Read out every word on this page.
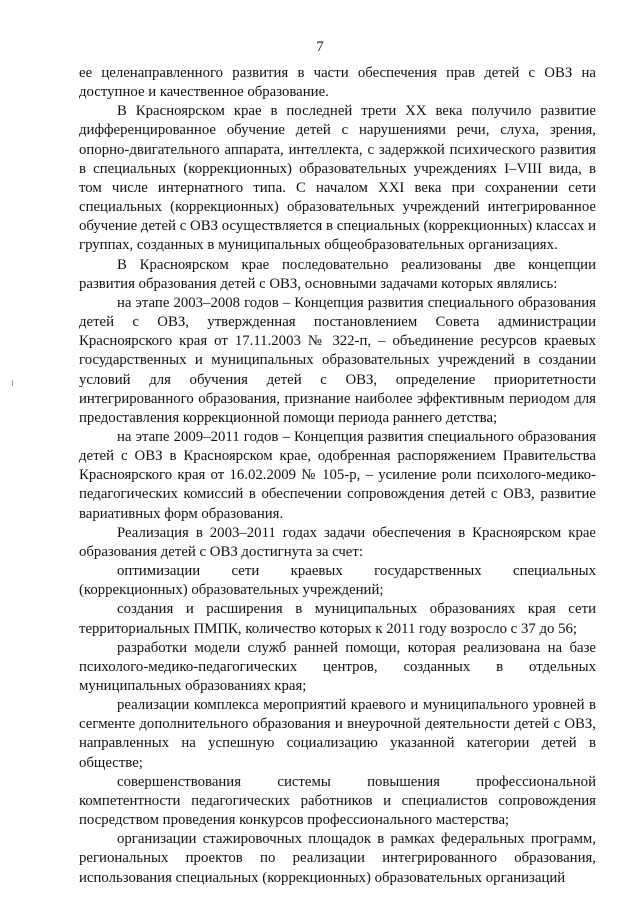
7

ее целенаправленного развития в части обеспечения прав детей с ОВЗ на доступное и качественное образование.

В Красноярском крае в последней трети XX века получило развитие дифференцированное обучение детей с нарушениями речи, слуха, зрения, опорно-двигательного аппарата, интеллекта, с задержкой психического развития в специальных (коррекционных) образовательных учреждениях I–VIII вида, в том числе интернатного типа. С началом XXI века при сохранении сети специальных (коррекционных) образовательных учреждений интегрированное обучение детей с ОВЗ осуществляется в специальных (коррекционных) классах и группах, созданных в муниципальных общеобразовательных организациях.

В Красноярском крае последовательно реализованы две концепции развития образования детей с ОВЗ, основными задачами которых являлись:

на этапе 2003–2008 годов – Концепция развития специального образования детей с ОВЗ, утвержденная постановлением Совета администрации Красноярского края от 17.11.2003 № 322-п, – объединение ресурсов краевых государственных и муниципальных образовательных учреждений в создании условий для обучения детей с ОВЗ, определение приоритетности интегрированного образования, признание наиболее эффективным периодом для предоставления коррекционной помощи периода раннего детства;

на этапе 2009–2011 годов – Концепция развития специального образования детей с ОВЗ в Красноярском крае, одобренная распоряжением Правительства Красноярского края от 16.02.2009 № 105-р, – усиление роли психолого-медико-педагогических комиссий в обеспечении сопровождения детей с ОВЗ, развитие вариативных форм образования.

Реализация в 2003–2011 годах задачи обеспечения в Красноярском крае образования детей с ОВЗ достигнута за счет:

оптимизации сети краевых государственных специальных (коррекционных) образовательных учреждений;

создания и расширения в муниципальных образованиях края сети территориальных ПМПК, количество которых к 2011 году возросло с 37 до 56;

разработки модели служб ранней помощи, которая реализована на базе психолого-медико-педагогических центров, созданных в отдельных муниципальных образованиях края;

реализации комплекса мероприятий краевого и муниципального уровней в сегменте дополнительного образования и внеурочной деятельности детей с ОВЗ, направленных на успешную социализацию указанной категории детей в обществе;

совершенствования системы повышения профессиональной компетентности педагогических работников и специалистов сопровождения посредством проведения конкурсов профессионального мастерства;

организации стажировочных площадок в рамках федеральных программ, региональных проектов по реализации интегрированного образования, использования специальных (коррекционных) образовательных организаций
